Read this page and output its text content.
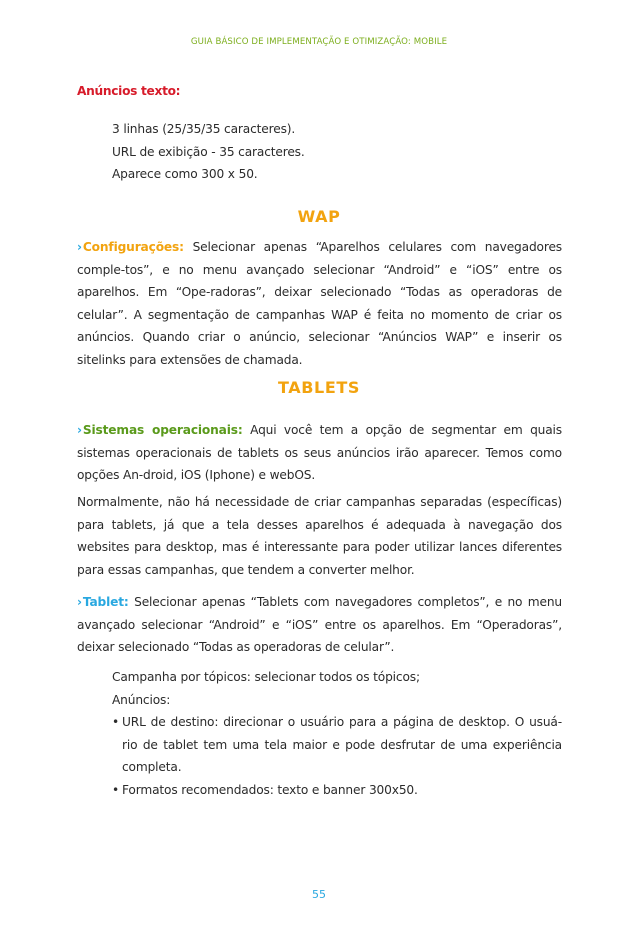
GUIA BÁSICO DE IMPLEMENTAÇÃO E OTIMIZAÇÃO: MOBILE
Anúncios texto:

3 linhas (25/35/35 caracteres).

URL de exibição - 35 caracteres.

Aparece como 300 x 50.

WAP

›Configurações: Selecionar apenas “Aparelhos celulares com navegadores comple-tos”, e no menu avançado selecionar “Android” e “iOS” entre os aparelhos. Em “Ope-radoras”, deixar selecionado “Todas as operadoras de celular”. A segmentação de campanhas WAP é feita no momento de criar os anúncios. Quando criar o anúncio, selecionar “Anúncios WAP” e inserir os sitelinks para extensões de chamada.

TABLETS

›Sistemas operacionais: Aqui você tem a opção de segmentar em quais sistemas operacionais de tablets os seus anúncios irão aparecer. Temos como opções An-droid, iOS (Iphone) e webOS.

Normalmente, não há necessidade de criar campanhas separadas (específicas) para tablets, já que a tela desses aparelhos é adequada à navegação dos websites para desktop, mas é interessante para poder utilizar lances diferentes para essas campanhas, que tendem a converter melhor.

›Tablet: Selecionar apenas “Tablets com navegadores completos”, e no menu avançado selecionar “Android” e “iOS” entre os aparelhos. Em “Operadoras”, deixar selecionado “Todas as operadoras de celular”.

Campanha por tópicos: selecionar todos os tópicos;

Anúncios:

• URL de destino: direcionar o usuário para a página de desktop. O usuá-rio de tablet tem uma tela maior e pode desfrutar de uma experiência completa.

• Formatos recomendados: texto e banner 300x50.

55
